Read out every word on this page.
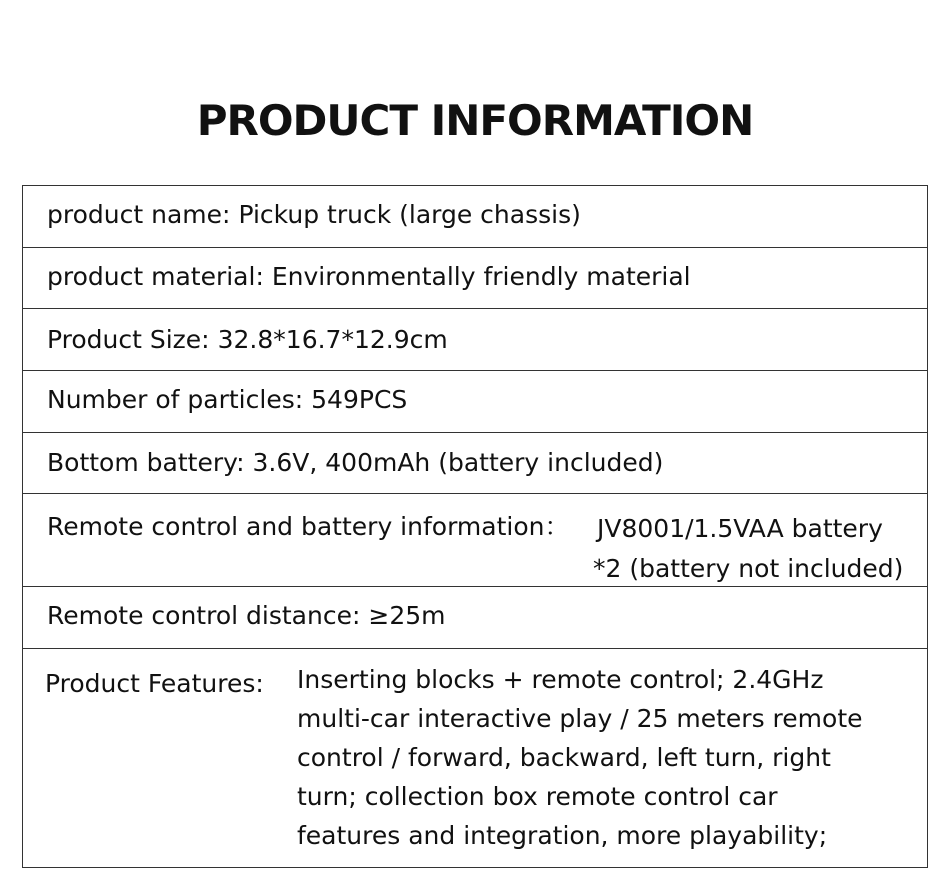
PRODUCT INFORMATION
product name: Pickup truck (large chassis)
product material: Environmentally friendly material
Product Size: 32.8*16.7*12.9cm
Number of particles: 549PCS
Bottom battery: 3.6V, 400mAh (battery included)
Remote control and battery information： JV8001/1.5VAA battery
*2 (battery not included)
Remote control distance: ≥25m
Product Features: Inserting blocks + remote control; 2.4GHz
multi-car interactive play / 25 meters remote
control / forward, backward, left turn, right
turn; collection box remote control car
features and integration, more playability;
